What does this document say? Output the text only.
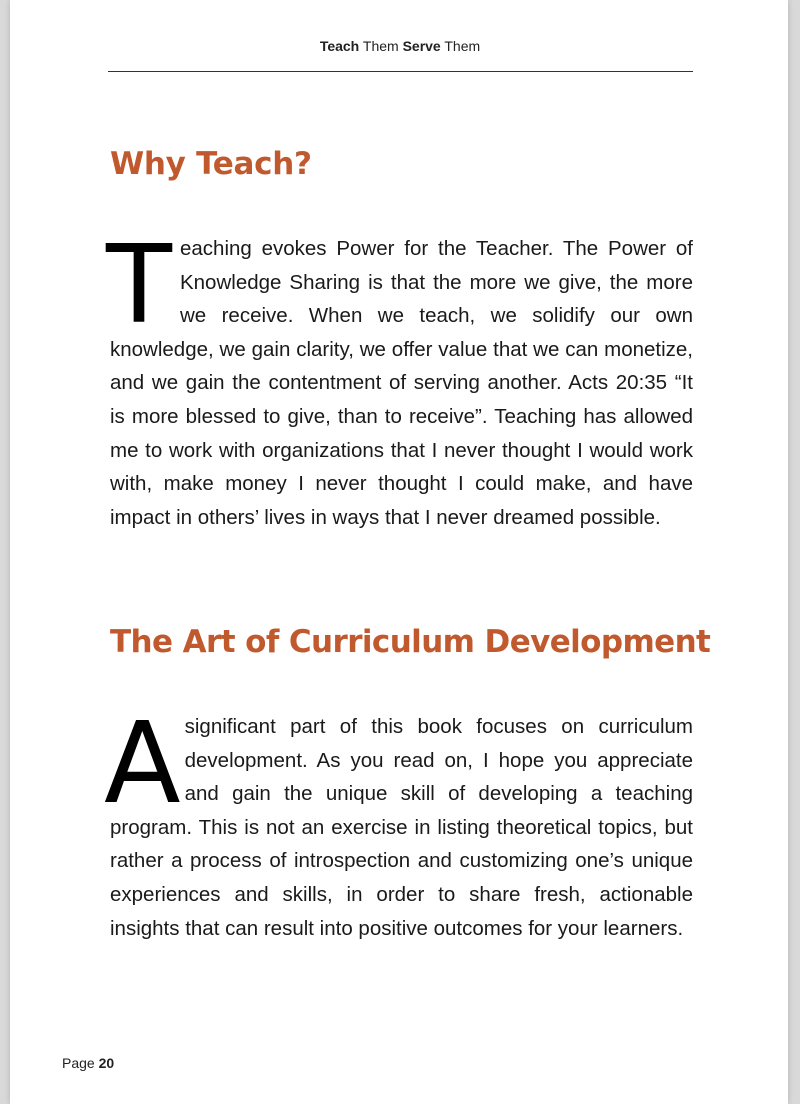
Teach Them Serve Them
Why Teach?

Teaching evokes Power for the Teacher. The Power of Knowledge Sharing is that the more we give, the more we receive. When we teach, we solidify our own knowledge, we gain clarity, we offer value that we can monetize, and we gain the contentment of serving another. Acts 20:35 “It is more blessed to give, than to receive”. Teaching has allowed me to work with organizations that I never thought I would work with, make money I never thought I could make, and have impact in others’ lives in ways that I never dreamed possible.

The Art of Curriculum Development

Asignificant part of this book focuses on curriculum development. As you read on, I hope you appreciate and gain the unique skill of developing a teaching program. This is not an exercise in listing theoretical topics, but rather a process of introspection and customizing one’s unique experiences and skills, in order to share fresh, actionable insights that can result into positive outcomes for your learners.

Page 20
